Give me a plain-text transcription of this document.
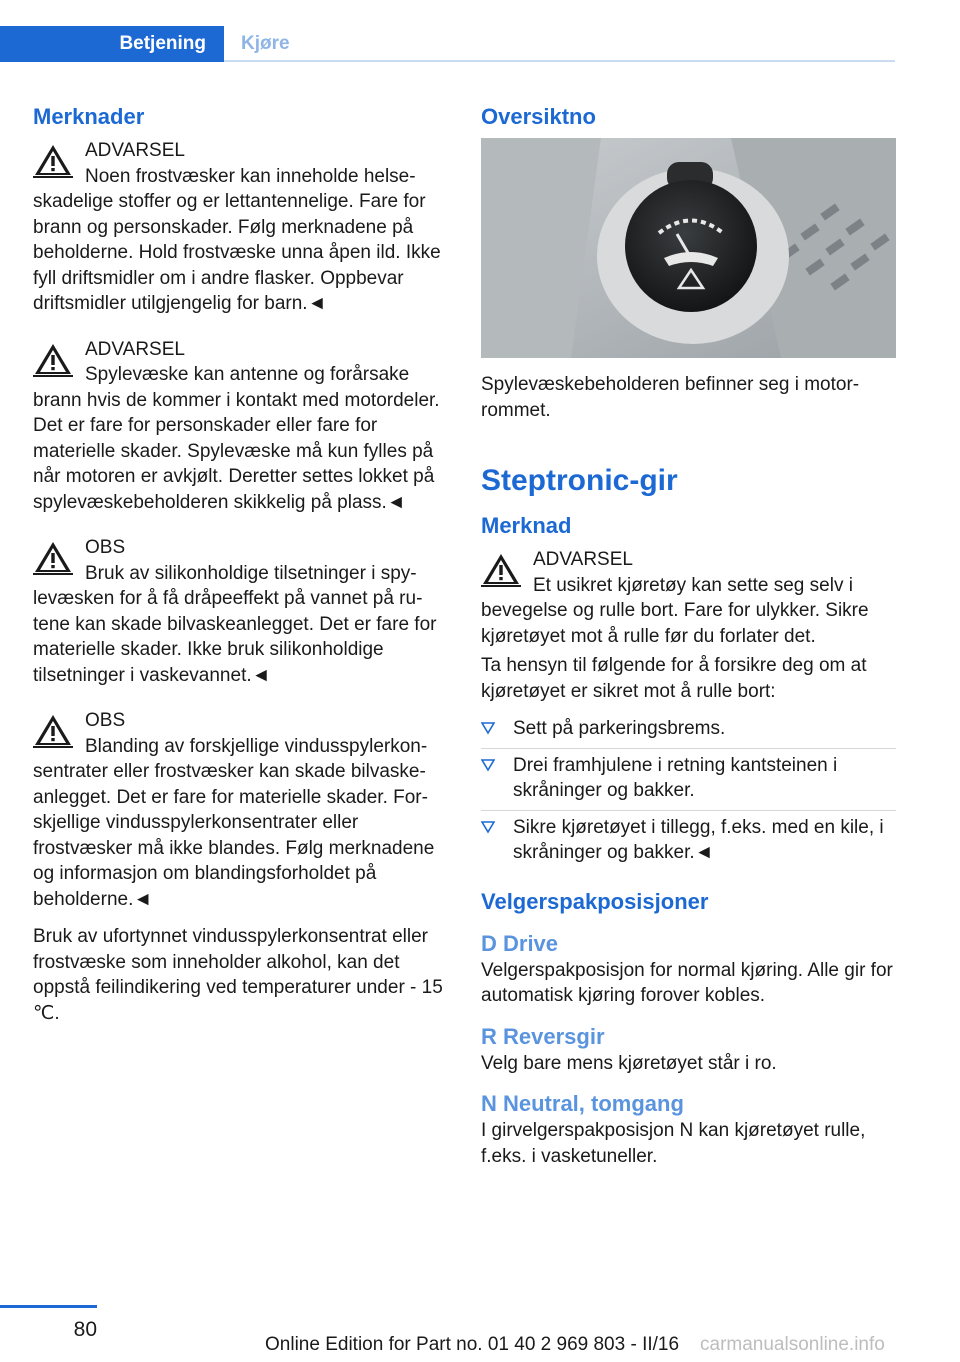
Betjening	Kjøre
Merknader
ADVARSEL
Noen frostvæsker kan inneholde helseskadelige stoffer og er lettantennelige. Fare for brann og personskader. Følg merknadene på beholderne. Hold frostvæske unna åpen ild. Ikke fyll driftsmidler om i andre flasker. Oppbevar driftsmidler utilgjengelig for barn.◄
ADVARSEL
Spylevæske kan antenne og forårsake brann hvis de kommer i kontakt med motordeler. Det er fare for personskader eller fare for materielle skader. Spylevæske må kun fylles på når motoren er avkjølt. Deretter settes lokket på spylevæskebeholderen skikkelig på plass.◄
OBS
Bruk av silikonholdige tilsetninger i spylevæsken for å få dråpeeffekt på vannet på rutene kan skade bilvaskeanlegget. Det er fare for materielle skader. Ikke bruk silikonholdige tilsetninger i vaskevannet.◄
OBS
Blanding av forskjellige vindusspylerkonsentrater eller frostvæsker kan skade bilvaskeanlegget. Det er fare for materielle skader. Forskjellige vindusspylerkonsentrater eller frostvæsker må ikke blandes. Følg merknadene og informasjon om blandingsforholdet på beholderne.◄

Bruk av ufortynnet vindusspylerkonsentrat eller frostvæske som inneholder alkohol, kan det oppstå feilindikering ved temperaturer under - 15 ℃.

Oversiktno

Spylevæskebeholderen befinner seg i motorrommet.

Steptronic-gir
Merknad
ADVARSEL
Et usikret kjøretøy kan sette seg selv i bevegelse og rulle bort. Fare for ulykker. Sikre kjøretøyet mot å rulle før du forlater det.

Ta hensyn til følgende for å forsikre deg om at kjøretøyet er sikret mot å rulle bort:

Sett på parkeringsbrems.
Drei framhjulene i retning kantsteinen i skråninger og bakker.
Sikre kjøretøyet i tillegg, f.eks. med en kile, i skråninger og bakker.◄
Velgerspakposisjoner
D Drive

Velgerspakposisjon for normal kjøring. Alle gir for automatisk kjøring forover kobles.

R Reversgir

Velg bare mens kjøretøyet står i ro.

N Neutral, tomgang

I girvelgerspakposisjon N kan kjøretøyet rulle, f.eks. i vasketuneller.

80
Online Edition for Part no. 01 40 2 969 803 - II/16 carmanualsonline.info
